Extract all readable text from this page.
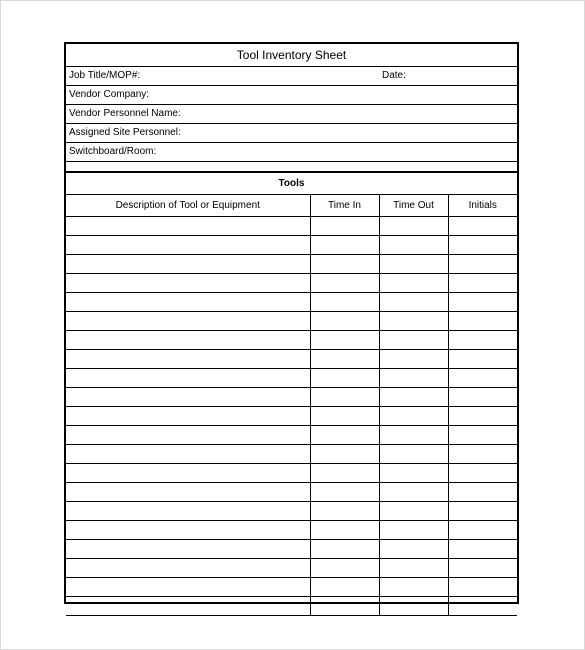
Tool Inventory Sheet
Job Title/MOP#:	Date:
Vendor Company:
Vendor Personnel Name:
Assigned Site Personnel:
Switchboard/Room:
Tools
Description of Tool or Equipment	Time In	Time Out	Initials
